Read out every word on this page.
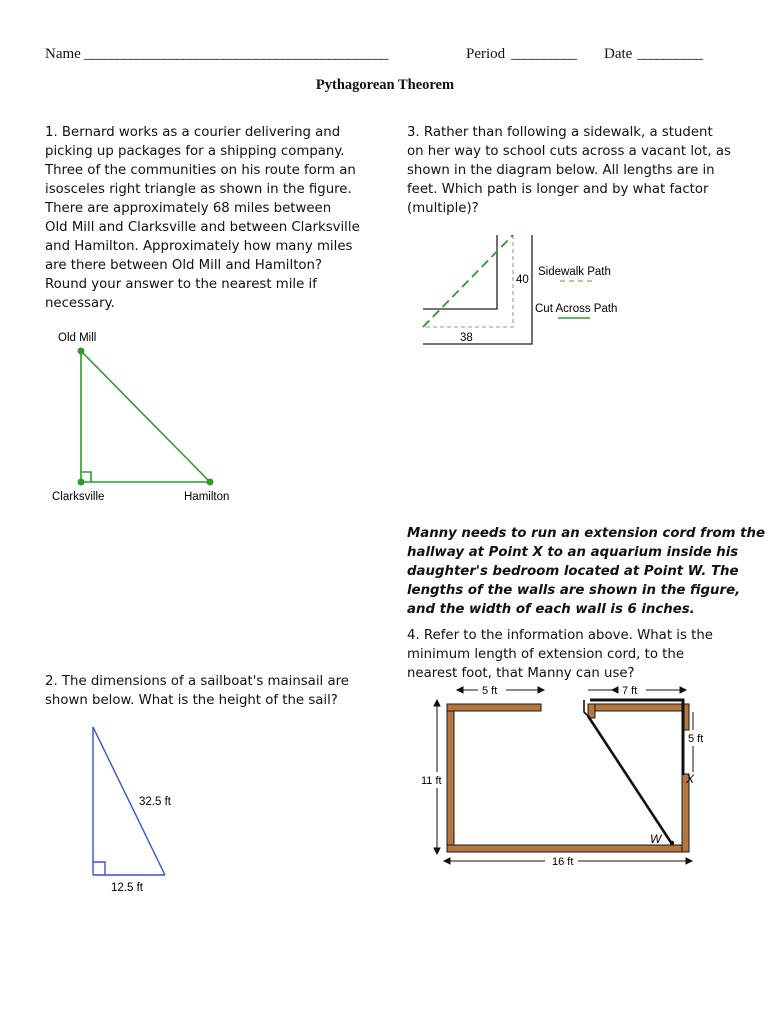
Name ______________________________________________	Period __________ Date __________
Pythagorean Theorem
1. Bernard works as a courier delivering and
picking up packages for a shipping company.
Three of the communities on his route form an
isosceles right triangle as shown in the figure.
There are approximately 68 miles between
Old Mill and Clarksville and between Clarksville
and Hamilton. Approximately how many miles
are there between Old Mill and Hamilton?
Round your answer to the nearest mile if
necessary.
Old Mill
Clarksville	Hamilton
2. The dimensions of a sailboat's mainsail are
shown below. What is the height of the sail?
32.5 ft
12.5 ft
3. Rather than following a sidewalk, a student
on her way to school cuts across a vacant lot, as
shown in the diagram below. All lengths are in
feet. Which path is longer and by what factor
(multiple)?
40
38
Sidewalk Path
Cut Across Path
Manny needs to run an extension cord from the
hallway at Point X to an aquarium inside his
daughter's bedroom located at Point W. The
lengths of the walls are shown in the figure,
and the width of each wall is 6 inches.
4. Refer to the information above. What is the
minimum length of extension cord, to the
nearest foot, that Manny can use?
5 ft	7 ft
5 ft
11 ft
16 ft
X
W
